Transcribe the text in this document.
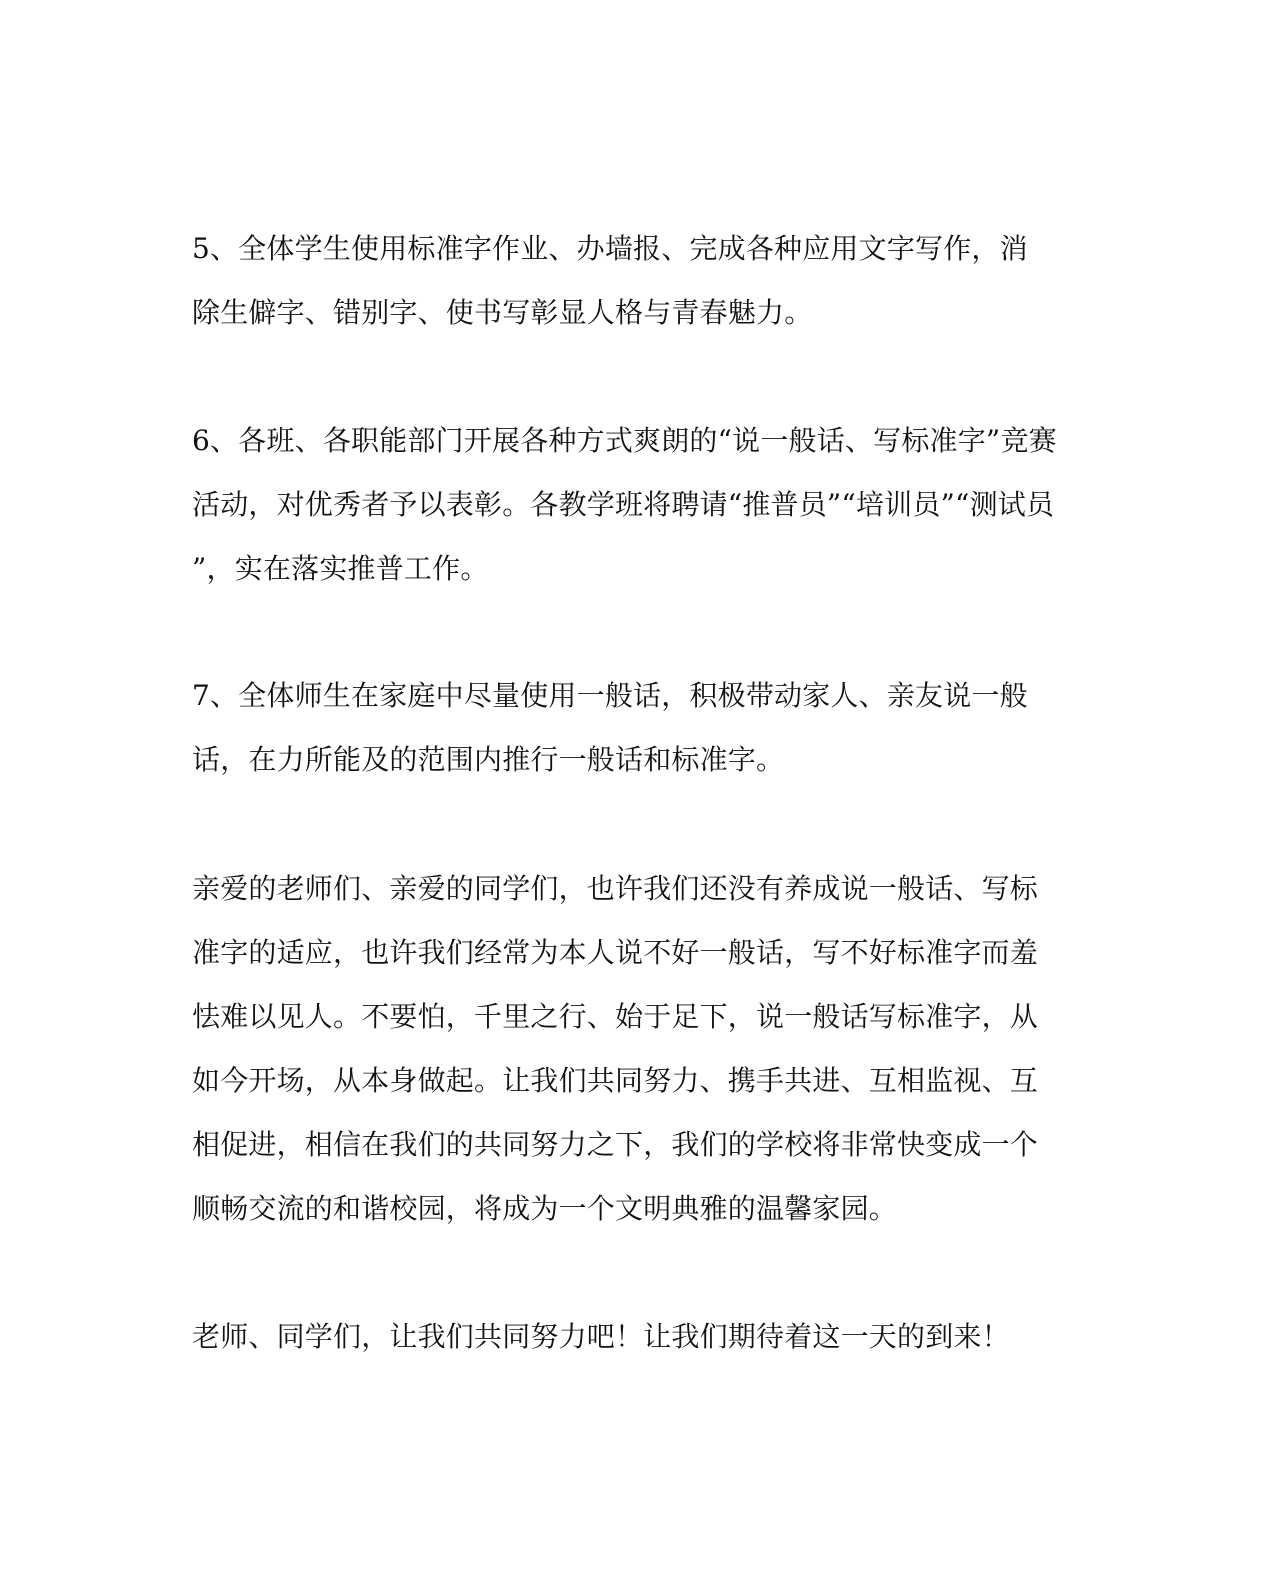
5、全体学生使用标准字作业、办墙报、完成各种应用文字写作，消
除生僻字、错别字、使书写彰显人格与青春魅力。

6、各班、各职能部门开展各种方式爽朗的“说一般话、写标准字”竞赛
活动，对优秀者予以表彰。各教学班将聘请“推普员”“培训员”“测试员
”，实在落实推普工作。

7、全体师生在家庭中尽量使用一般话，积极带动家人、亲友说一般
话，在力所能及的范围内推行一般话和标准字。

亲爱的老师们、亲爱的同学们，也许我们还没有养成说一般话、写标
准字的适应，也许我们经常为本人说不好一般话，写不好标准字而羞
怯难以见人。不要怕，千里之行、始于足下，说一般话写标准字，从
如今开场，从本身做起。让我们共同努力、携手共进、互相监视、互
相促进，相信在我们的共同努力之下，我们的学校将非常快变成一个
顺畅交流的和谐校园，将成为一个文明典雅的温馨家园。

老师、同学们，让我们共同努力吧！让我们期待着这一天的到来！
